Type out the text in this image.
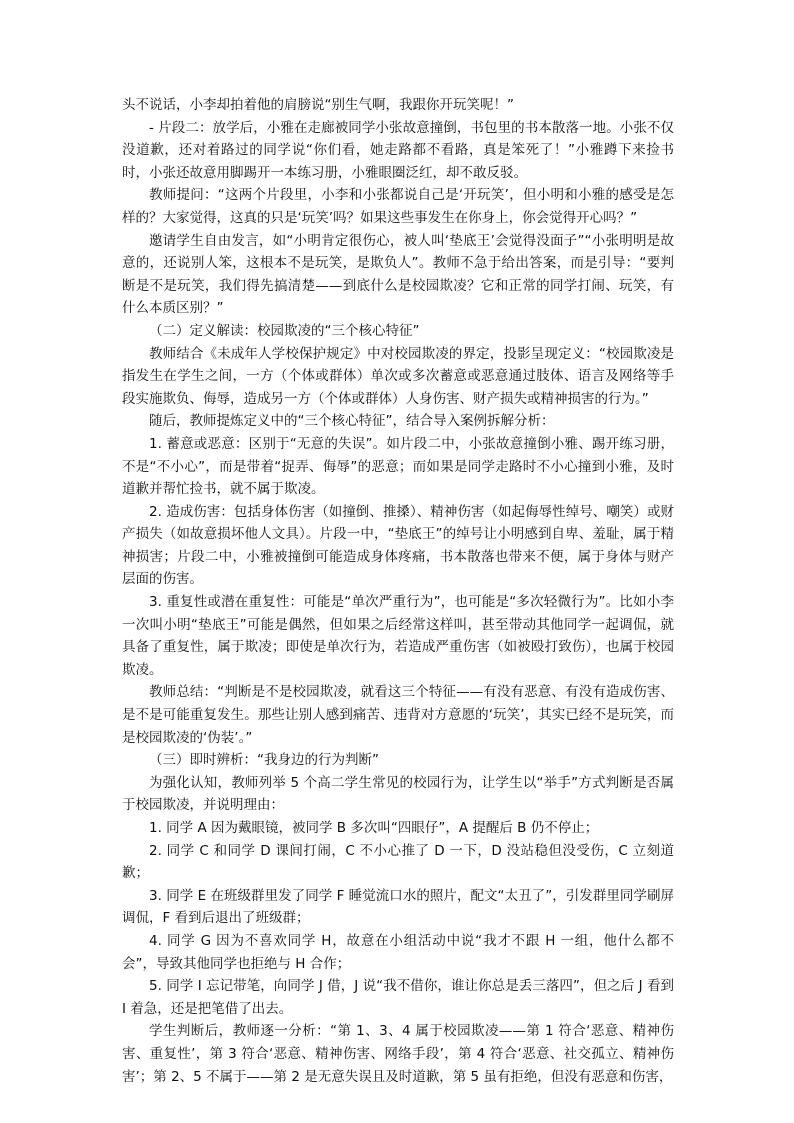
头不说话，小李却拍着他的肩膀说“别生气啊，我跟你开玩笑呢！”

- 片段二：放学后，小雅在走廊被同学小张故意撞倒，书包里的书本散落一地。小张不仅没道歉，还对着路过的同学说“你们看，她走路都不看路，真是笨死了！”小雅蹲下来捡书时，小张还故意用脚踢开一本练习册，小雅眼圈泛红，却不敢反驳。

教师提问：“这两个片段里，小李和小张都说自己是‘开玩笑’，但小明和小雅的感受是怎样的？大家觉得，这真的只是‘玩笑’吗？如果这些事发生在你身上，你会觉得开心吗？”

邀请学生自由发言，如“小明肯定很伤心，被人叫‘垫底王’会觉得没面子”“小张明明是故意的，还说别人笨，这根本不是玩笑，是欺负人”。教师不急于给出答案，而是引导：“要判断是不是玩笑，我们得先搞清楚——到底什么是校园欺凌？它和正常的同学打闹、玩笑，有什么本质区别？”

（二）定义解读：校园欺凌的“三个核心特征”

教师结合《未成年人学校保护规定》中对校园欺凌的界定，投影呈现定义：“校园欺凌是指发生在学生之间，一方（个体或群体）单次或多次蓄意或恶意通过肢体、语言及网络等手段实施欺负、侮辱，造成另一方（个体或群体）人身伤害、财产损失或精神损害的行为。”

随后，教师提炼定义中的“三个核心特征”，结合导入案例拆解分析：

1. 蓄意或恶意：区别于“无意的失误”。如片段二中，小张故意撞倒小雅、踢开练习册，不是“不小心”，而是带着“捉弄、侮辱”的恶意；而如果是同学走路时不小心撞到小雅，及时道歉并帮忙捡书，就不属于欺凌。

2. 造成伤害：包括身体伤害（如撞倒、推搡）、精神伤害（如起侮辱性绰号、嘲笑）或财产损失（如故意损坏他人文具）。片段一中，“垫底王”的绰号让小明感到自卑、羞耻，属于精神损害；片段二中，小雅被撞倒可能造成身体疼痛，书本散落也带来不便，属于身体与财产层面的伤害。

3. 重复性或潜在重复性：可能是“单次严重行为”，也可能是“多次轻微行为”。比如小李一次叫小明“垫底王”可能是偶然，但如果之后经常这样叫，甚至带动其他同学一起调侃，就具备了重复性，属于欺凌；即使是单次行为，若造成严重伤害（如被殴打致伤），也属于校园欺凌。

教师总结：“判断是不是校园欺凌，就看这三个特征——有没有恶意、有没有造成伤害、是不是可能重复发生。那些让别人感到痛苦、违背对方意愿的‘玩笑’，其实已经不是玩笑，而是校园欺凌的‘伪装’。”

（三）即时辨析：“我身边的行为判断”

为强化认知，教师列举 5 个高二学生常见的校园行为，让学生以“举手”方式判断是否属于校园欺凌，并说明理由：

1. 同学 A 因为戴眼镜，被同学 B 多次叫“四眼仔”，A 提醒后 B 仍不停止；

2. 同学 C 和同学 D 课间打闹，C 不小心推了 D 一下，D 没站稳但没受伤，C 立刻道歉；

3. 同学 E 在班级群里发了同学 F 睡觉流口水的照片，配文“太丑了”，引发群里同学刷屏调侃，F 看到后退出了班级群；

4. 同学 G 因为不喜欢同学 H，故意在小组活动中说“我才不跟 H 一组，他什么都不会”，导致其他同学也拒绝与 H 合作；

5. 同学 I 忘记带笔，向同学 J 借，J 说“我不借你，谁让你总是丢三落四”，但之后 J 看到 I 着急，还是把笔借了出去。

学生判断后，教师逐一分析：“第 1、3、4 属于校园欺凌——第 1 符合‘恶意、精神伤害、重复性’，第 3 符合‘恶意、精神伤害、网络手段’，第 4 符合‘恶意、社交孤立、精神伤害’；第 2、5 不属于——第 2 是无意失误且及时道歉，第 5 虽有拒绝，但没有恶意和伤害，
